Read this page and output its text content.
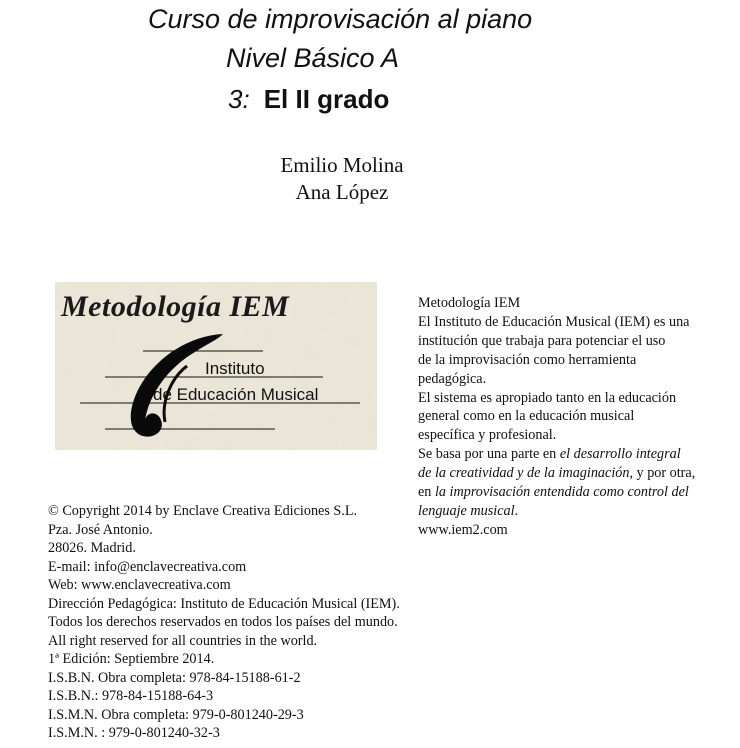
Curso de improvisación al piano
Nivel Básico A
3: El II grado
Emilio Molina
Ana López
Metodología IEM
Instituto
de Educación Musical
Metodología IEM
El Instituto de Educación Musical (IEM) es una
institución que trabaja para potenciar el uso
de la improvisación como herramienta
pedagógica.
El sistema es apropiado tanto en la educación
general como en la educación musical
específica y profesional.
Se basa por una parte en el desarrollo integral
de la creatividad y de la imaginación, y por otra,
en la improvisación entendida como control del
lenguaje musical.
www.iem2.com
© Copyright 2014 by Enclave Creativa Ediciones S.L.
Pza. José Antonio.
28026. Madrid.
E-mail: info@enclavecreativa.com
Web: www.enclavecreativa.com
Dirección Pedagógica: Instituto de Educación Musical (IEM).
Todos los derechos reservados en todos los países del mundo.
All right reserved for all countries in the world.
1ª Edición: Septiembre 2014.
I.S.B.N. Obra completa: 978-84-15188-61-2
I.S.B.N.: 978-84-15188-64-3
I.S.M.N. Obra completa: 979-0-801240-29-3
I.S.M.N. : 979-0-801240-32-3
